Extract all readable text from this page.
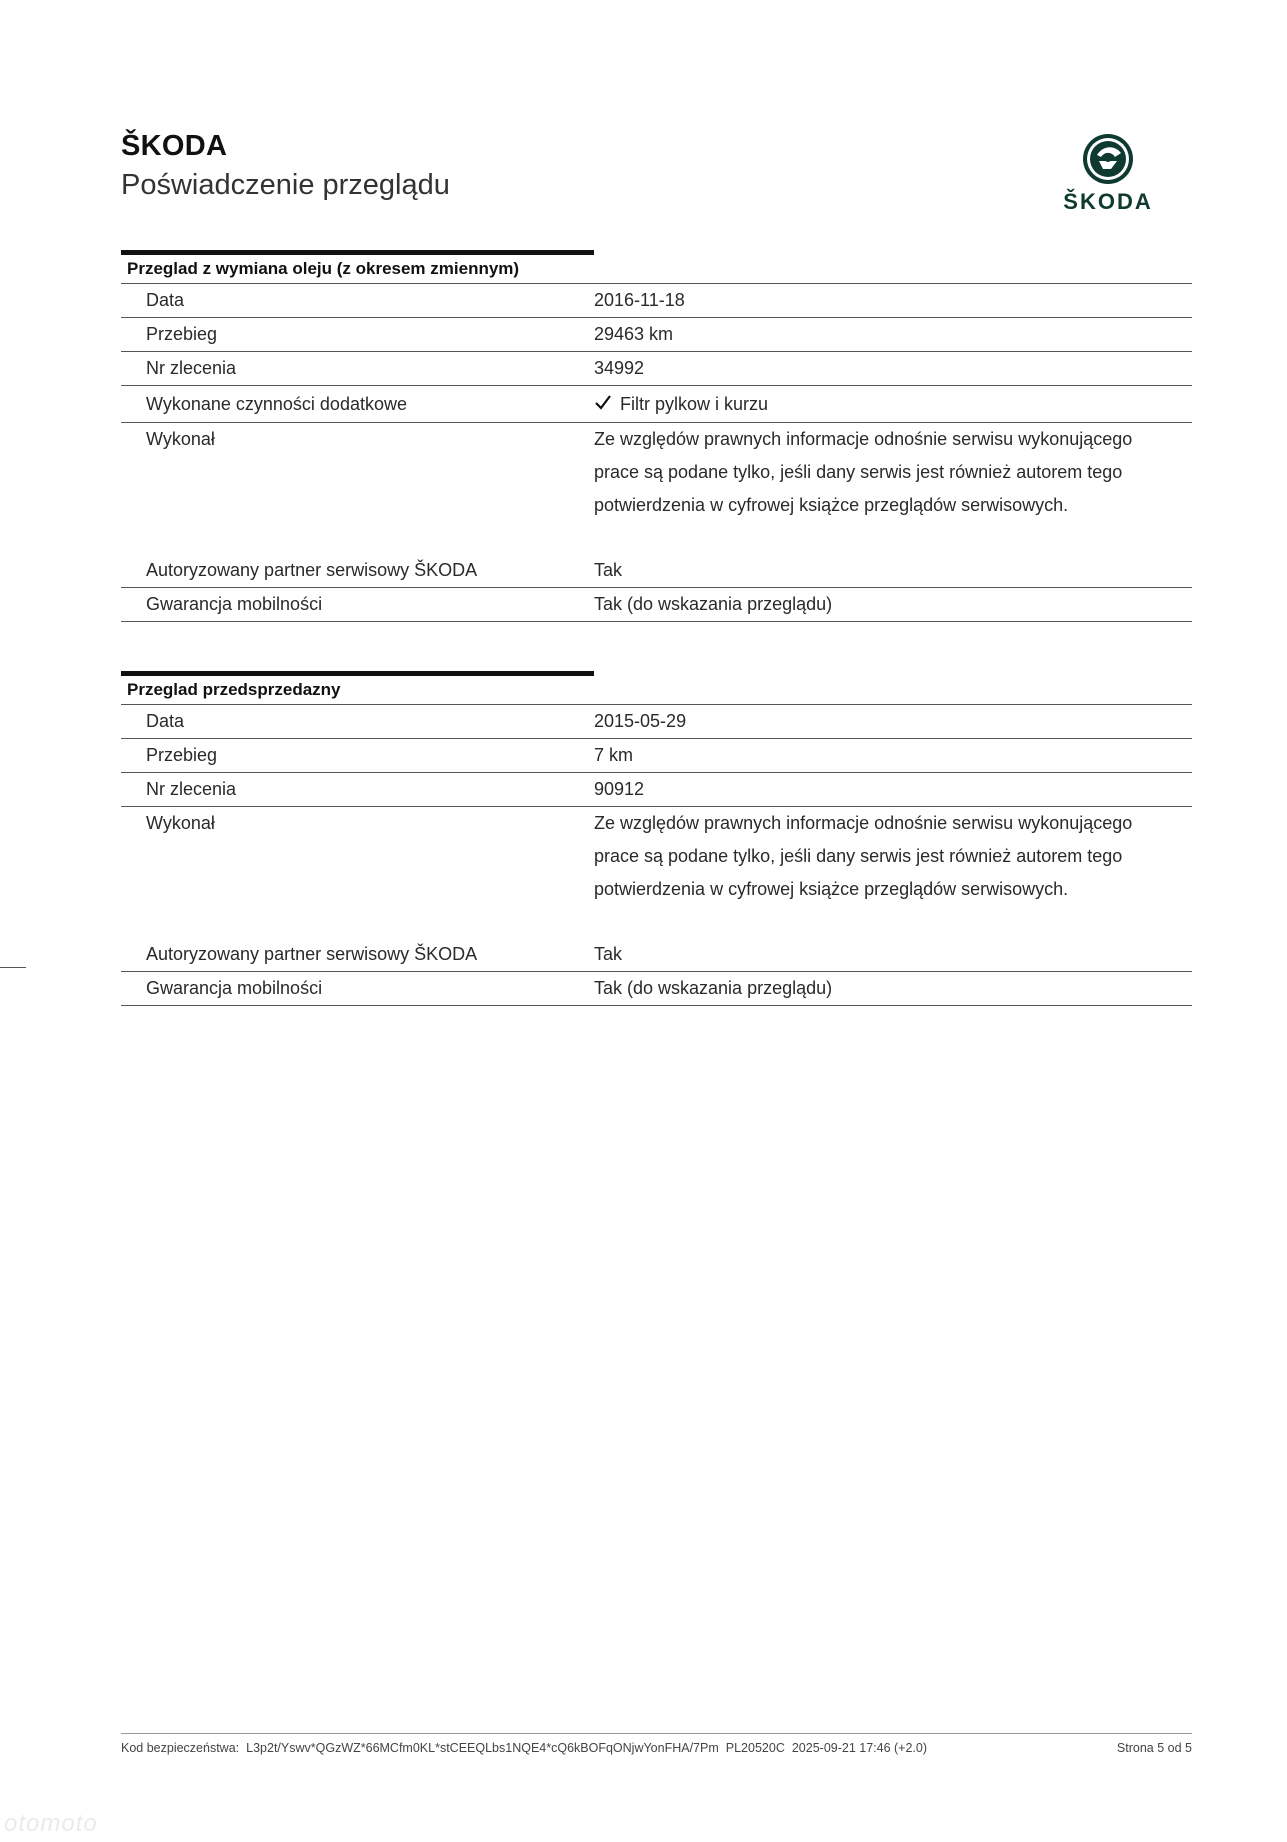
ŠKODA
Poświadczenie przeglądu
ŠKODA
Przeglad z wymiana oleju (z okresem zmiennym)
Data	2016-11-18
Przebieg	29463 km
Nr zlecenia	34992
Wykonane czynności dodatkowe	Filtr pylkow i kurzu
Wykonał	Ze względów prawnych informacje odnośnie serwisu wykonującego prace są podane tylko, jeśli dany serwis jest również autorem tego potwierdzenia w cyfrowej książce przeglądów serwisowych.
Autoryzowany partner serwisowy ŠKODA	Tak
Gwarancja mobilności	Tak (do wskazania przeglądu)
Przeglad przedsprzedazny
Data	2015-05-29
Przebieg	7 km
Nr zlecenia	90912
Wykonał	Ze względów prawnych informacje odnośnie serwisu wykonującego prace są podane tylko, jeśli dany serwis jest również autorem tego potwierdzenia w cyfrowej książce przeglądów serwisowych.
Autoryzowany partner serwisowy ŠKODA	Tak
Gwarancja mobilności	Tak (do wskazania przeglądu)
Kod bezpieczeństwa: L3p2t/Yswv*QGzWZ*66MCfm0KL*stCEEQLbs1NQE4*cQ6kBOFqONjwYonFHA/7Pm PL20520C 2025-09-21 17:46 (+2.0)	Strona 5 od 5
otomoto
